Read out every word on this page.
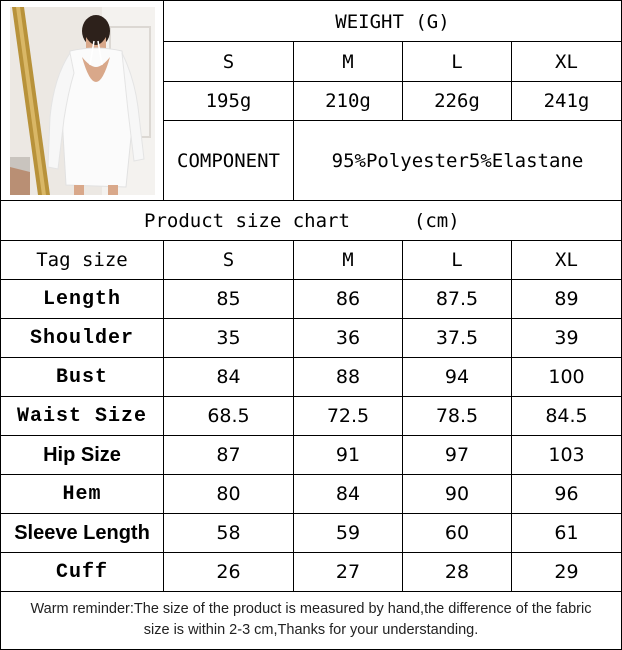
WEIGHT (G)
S	M	L	XL
195g	210g	226g	241g
COMPONENT	95%Polyester5%Elastane
Product size chart	(cm)
Tag size	S	M	L	XL
Length	85	86	87.5	89
Shoulder	35	36	37.5	39
Bust	84	88	94	100
Waist Size	68.5	72.5	78.5	84.5
Hip Size	87	91	97	103
Hem	80	84	90	96
Sleeve Length	58	59	60	61
Cuff	26	27	28	29
Warm reminder:The size of the product is measured by hand,the difference of the fabric
size is within 2-3 cm,Thanks for your understanding.
